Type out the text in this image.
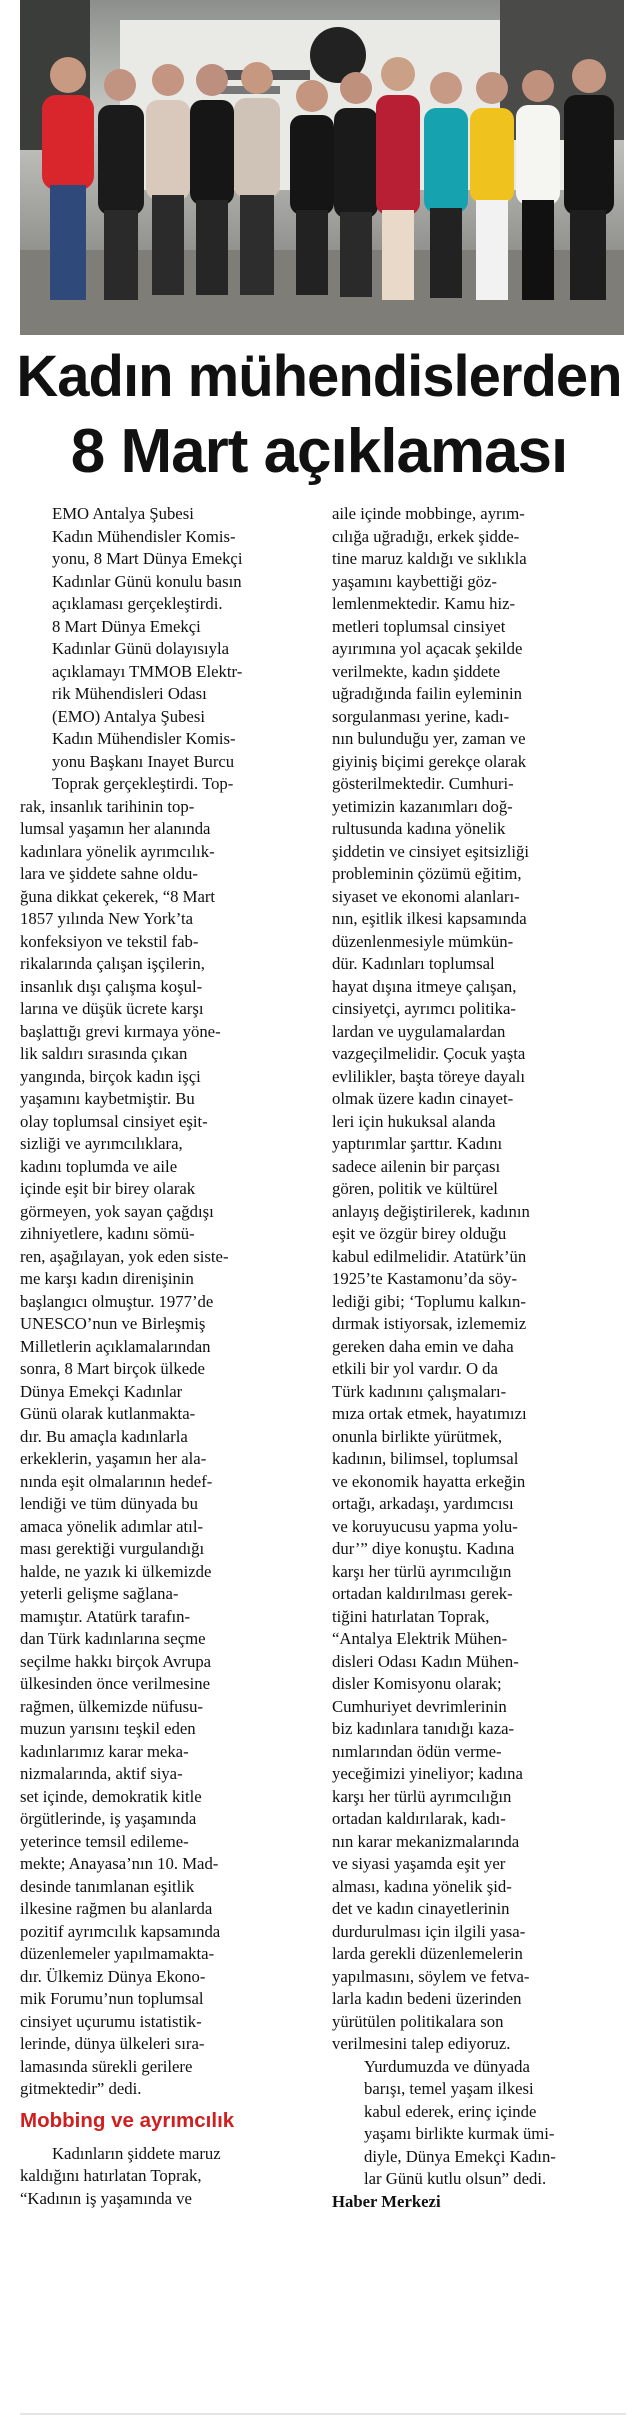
Kadın mühendislerden
8 Mart açıklaması
EMO Antalya Şubesi
Kadın Mühendisler Komis-
yonu, 8 Mart Dünya Emekçi
Kadınlar Günü konulu basın
açıklaması gerçekleştirdi.
8 Mart Dünya Emekçi
Kadınlar Günü dolayısıyla
açıklamayı TMMOB Elektr-
rik Mühendisleri Odası
(EMO) Antalya Şubesi
Kadın Mühendisler Komis-
yonu Başkanı Inayet Burcu
Toprak gerçekleştirdi. Top-
rak, insanlık tarihinin top-
lumsal yaşamın her alanında
kadınlara yönelik ayrımcılık-
lara ve şiddete sahne oldu-
ğuna dikkat çekerek, “8 Mart
1857 yılında New York’ta
konfeksiyon ve tekstil fab-
rikalarında çalışan işçilerin,
insanlık dışı çalışma koşul-
larına ve düşük ücrete karşı
başlattığı grevi kırmaya yöne-
lik saldırı sırasında çıkan
yangında, birçok kadın işçi
yaşamını kaybetmiştir. Bu
olay toplumsal cinsiyet eşit-
sizliği ve ayrımcılıklara,
kadını toplumda ve aile
içinde eşit bir birey olarak
görmeyen, yok sayan çağdışı
zihniyetlere, kadını sömü-
ren, aşağılayan, yok eden siste-
me karşı kadın direnişinin
başlangıcı olmuştur. 1977’de
UNESCO’nun ve Birleşmiş
Milletlerin açıklamalarından
sonra, 8 Mart birçok ülkede
Dünya Emekçi Kadınlar
Günü olarak kutlanmakta-
dır. Bu amaçla kadınlarla
erkeklerin, yaşamın her ala-
nında eşit olmalarının hedef-
lendiği ve tüm dünyada bu
amaca yönelik adımlar atıl-
ması gerektiği vurgulandığı
halde, ne yazık ki ülkemizde
yeterli gelişme sağlana-
mamıştır. Atatürk tarafın-
dan Türk kadınlarına seçme
seçilme hakkı birçok Avrupa
ülkesinden önce verilmesine
rağmen, ülkemizde nüfusu-
muzun yarısını teşkil eden
kadınlarımız karar meka-
nizmalarında, aktif siya-
set içinde, demokratik kitle
örgütlerinde, iş yaşamında
yeterince temsil edileme-
mekte; Anayasa’nın 10. Mad-
desinde tanımlanan eşitlik
ilkesine rağmen bu alanlarda
pozitif ayrımcılık kapsamında
düzenlemeler yapılmamakta-
dır. Ülkemiz Dünya Ekono-
mik Forumu’nun toplumsal
cinsiyet uçurumu istatistik-
lerinde, dünya ülkeleri sıra-
lamasında sürekli gerilere
gitmektedir” dedi.
Mobbing ve ayrımcılık
Kadınların şiddete maruz
kaldığını hatırlatan Toprak,
“Kadının iş yaşamında ve
aile içinde mobbinge, ayrım-
cılığa uğradığı, erkek şidde-
tine maruz kaldığı ve sıklıkla
yaşamını kaybettiği göz-
lemlenmektedir. Kamu hiz-
metleri toplumsal cinsiyet
ayırımına yol açacak şekilde
verilmekte, kadın şiddete
uğradığında failin eyleminin
sorgulanması yerine, kadı-
nın bulunduğu yer, zaman ve
giyiniş biçimi gerekçe olarak
gösterilmektedir. Cumhuri-
yetimizin kazanımları doğ-
rultusunda kadına yönelik
şiddetin ve cinsiyet eşitsizliği
probleminin çözümü eğitim,
siyaset ve ekonomi alanları-
nın, eşitlik ilkesi kapsamında
düzenlenmesiyle mümkün-
dür. Kadınları toplumsal
hayat dışına itmeye çalışan,
cinsiyetçi, ayrımcı politika-
lardan ve uygulamalardan
vazgeçilmelidir. Çocuk yaşta
evlilikler, başta töreye dayalı
olmak üzere kadın cinayet-
leri için hukuksal alanda
yaptırımlar şarttır. Kadını
sadece ailenin bir parçası
gören, politik ve kültürel
anlayış değiştirilerek, kadının
eşit ve özgür birey olduğu
kabul edilmelidir. Atatürk’ün
1925’te Kastamonu’da söy-
lediği gibi; ‘Toplumu kalkın-
dırmak istiyorsak, izlememiz
gereken daha emin ve daha
etkili bir yol vardır. O da
Türk kadınını çalışmaları-
mıza ortak etmek, hayatımızı
onunla birlikte yürütmek,
kadının, bilimsel, toplumsal
ve ekonomik hayatta erkeğin
ortağı, arkadaşı, yardımcısı
ve koruyucusu yapma yolu-
dur’” diye konuştu. Kadına
karşı her türlü ayrımcılığın
ortadan kaldırılması gerek-
tiğini hatırlatan Toprak,
“Antalya Elektrik Mühen-
disleri Odası Kadın Mühen-
disler Komisyonu olarak;
Cumhuriyet devrimlerinin
biz kadınlara tanıdığı kaza-
nımlarından ödün verme-
yeceğimizi yineliyor; kadına
karşı her türlü ayrımcılığın
ortadan kaldırılarak, kadı-
nın karar mekanizmalarında
ve siyasi yaşamda eşit yer
alması, kadına yönelik şid-
det ve kadın cinayetlerinin
durdurulması için ilgili yasa-
larda gerekli düzenlemelerin
yapılmasını, söylem ve fetva-
larla kadın bedeni üzerinden
yürütülen politikalara son
verilmesini talep ediyoruz.
Yurdumuzda ve dünyada
barışı, temel yaşam ilkesi
kabul ederek, erinç içinde
yaşamı birlikte kurmak ümi-
diyle, Dünya Emekçi Kadın-
lar Günü kutlu olsun” dedi.
Haber Merkezi
